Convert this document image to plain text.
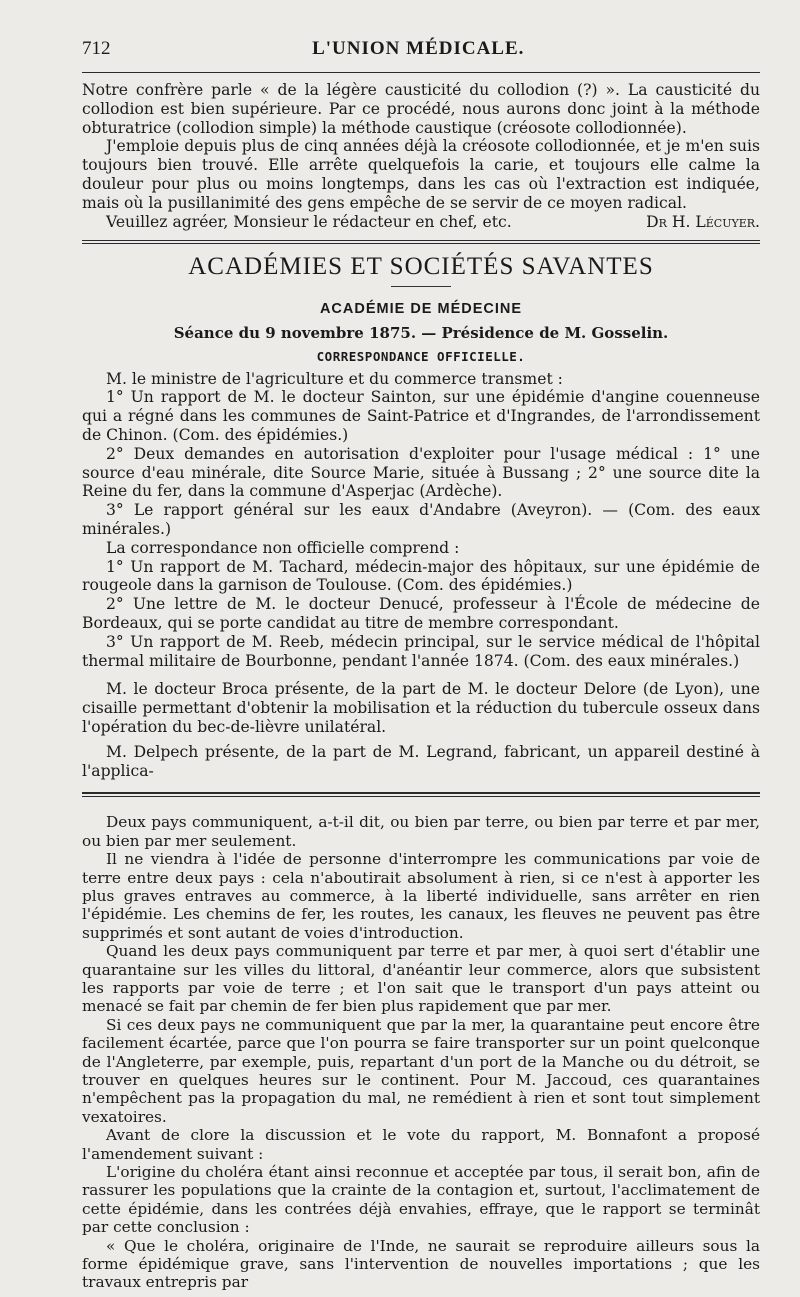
712	L'UNION MÉDICALE.

Notre confrère parle « de la légère causticité du collodion (?) ». La causticité du collodion est bien supérieure. Par ce procédé, nous aurons donc joint à la méthode obturatrice (collodion simple) la méthode caustique (créosote collodionnée).

J'emploie depuis plus de cinq années déjà la créosote collodionnée, et je m'en suis toujours bien trouvé. Elle arrête quelquefois la carie, et toujours elle calme la douleur pour plus ou moins longtemps, dans les cas où l'extraction est indiquée, mais où la pusillanimité des gens empêche de se servir de ce moyen radical.

Veuillez agréer, Monsieur le rédacteur en chef, etc.	Dr H. Lécuyer.
ACADÉMIES ET SOCIÉTÉS SAVANTES
ACADÉMIE DE MÉDECINE
Séance du 9 novembre 1875. — Présidence de M. Gosselin.
CORRESPONDANCE OFFICIELLE.

M. le ministre de l'agriculture et du commerce transmet :

1° Un rapport de M. le docteur Sainton, sur une épidémie d'angine couenneuse qui a régné dans les communes de Saint-Patrice et d'Ingrandes, de l'arrondissement de Chinon. (Com. des épidémies.)

2° Deux demandes en autorisation d'exploiter pour l'usage médical : 1° une source d'eau minérale, dite Source Marie, située à Bussang ; 2° une source dite la Reine du fer, dans la commune d'Asperjac (Ardèche).

3° Le rapport général sur les eaux d'Andabre (Aveyron). — (Com. des eaux minérales.)

La correspondance non officielle comprend :

1° Un rapport de M. Tachard, médecin-major des hôpitaux, sur une épidémie de rougeole dans la garnison de Toulouse. (Com. des épidémies.)

2° Une lettre de M. le docteur Denucé, professeur à l'École de médecine de Bordeaux, qui se porte candidat au titre de membre correspondant.

3° Un rapport de M. Reeb, médecin principal, sur le service médical de l'hôpital thermal militaire de Bourbonne, pendant l'année 1874. (Com. des eaux minérales.)

M. le docteur Broca présente, de la part de M. le docteur Delore (de Lyon), une cisaille permettant d'obtenir la mobilisation et la réduction du tubercule osseux dans l'opération du bec-de-lièvre unilatéral.

M. Delpech présente, de la part de M. Legrand, fabricant, un appareil destiné à l'applica-

Deux pays communiquent, a-t-il dit, ou bien par terre, ou bien par terre et par mer, ou bien par mer seulement.

Il ne viendra à l'idée de personne d'interrompre les communications par voie de terre entre deux pays : cela n'aboutirait absolument à rien, si ce n'est à apporter les plus graves entraves au commerce, à la liberté individuelle, sans arrêter en rien l'épidémie. Les chemins de fer, les routes, les canaux, les fleuves ne peuvent pas être supprimés et sont autant de voies d'introduction.

Quand les deux pays communiquent par terre et par mer, à quoi sert d'établir une quarantaine sur les villes du littoral, d'anéantir leur commerce, alors que subsistent les rapports par voie de terre ; et l'on sait que le transport d'un pays atteint ou menacé se fait par chemin de fer bien plus rapidement que par mer.

Si ces deux pays ne communiquent que par la mer, la quarantaine peut encore être facilement écartée, parce que l'on pourra se faire transporter sur un point quelconque de l'Angleterre, par exemple, puis, repartant d'un port de la Manche ou du détroit, se trouver en quelques heures sur le continent. Pour M. Jaccoud, ces quarantaines n'empêchent pas la propagation du mal, ne remédient à rien et sont tout simplement vexatoires.

Avant de clore la discussion et le vote du rapport, M. Bonnafont a proposé l'amendement suivant :

L'origine du choléra étant ainsi reconnue et acceptée par tous, il serait bon, afin de rassurer les populations que la crainte de la contagion et, surtout, l'acclimatement de cette épidémie, dans les contrées déjà envahies, effraye, que le rapport se terminât par cette conclusion :

« Que le choléra, originaire de l'Inde, ne saurait se reproduire ailleurs sous la forme épidémique grave, sans l'intervention de nouvelles importations ; que les travaux entrepris par
